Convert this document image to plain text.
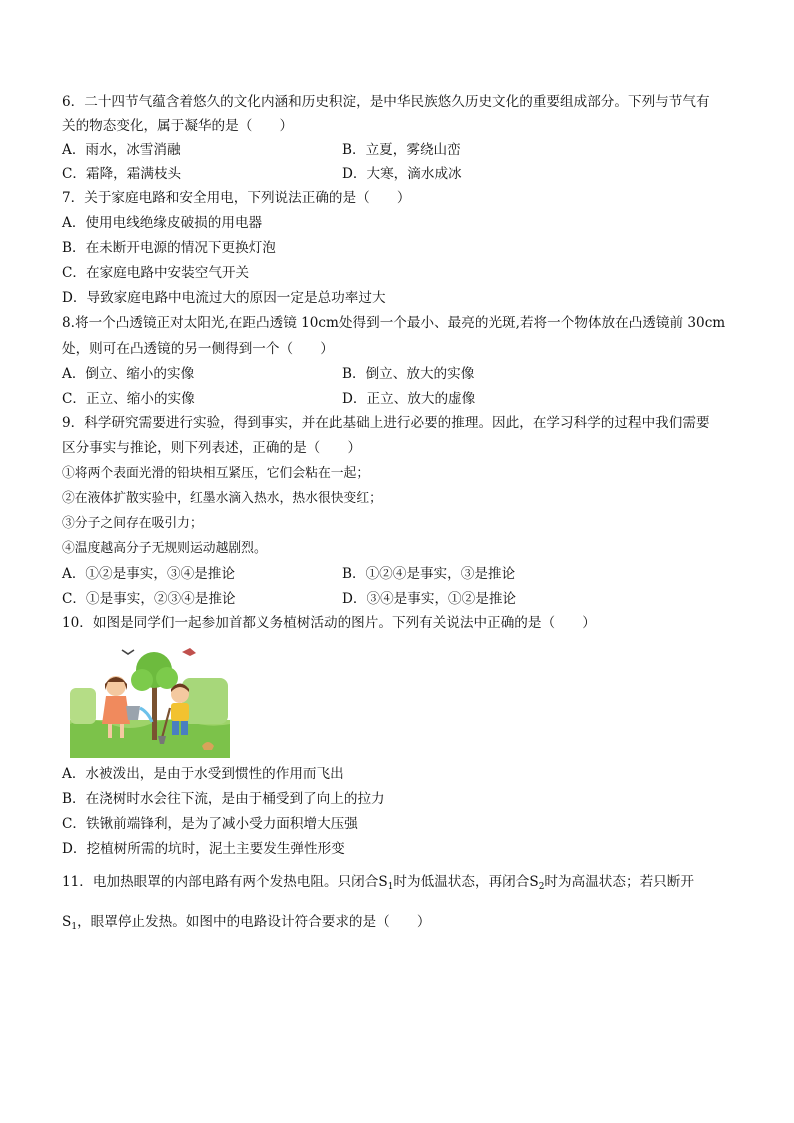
6．二十四节气蕴含着悠久的文化内涵和历史积淀，是中华民族悠久历史文化的重要组成部分。下列与节气有
关的物态变化，属于凝华的是（　　）
A．雨水，冰雪消融	B．立夏，雾绕山峦
C．霜降，霜满枝头	D．大寒，滴水成冰
7．关于家庭电路和安全用电，下列说法正确的是（　　）
A．使用电线绝缘皮破损的用电器
B．在未断开电源的情况下更换灯泡
C．在家庭电路中安装空气开关
D．导致家庭电路中电流过大的原因一定是总功率过大
8.将一个凸透镜正对太阳光,在距凸透镜 10cm处得到一个最小、最亮的光斑,若将一个物体放在凸透镜前 30cm
处，则可在凸透镜的另一侧得到一个（　　）
A．倒立、缩小的实像	B．倒立、放大的实像
C．正立、缩小的实像	D．正立、放大的虚像
9．科学研究需要进行实验，得到事实，并在此基础上进行必要的推理。因此，在学习科学的过程中我们需要
区分事实与推论，则下列表述，正确的是（　　）
①将两个表面光滑的铅块相互紧压，它们会粘在一起；
②在液体扩散实验中，红墨水滴入热水，热水很快变红；
③分子之间存在吸引力；
④温度越高分子无规则运动越剧烈。
A．①②是事实，③④是推论	B．①②④是事实，③是推论
C．①是事实，②③④是推论	D．③④是事实，①②是推论
10．如图是同学们一起参加首都义务植树活动的图片。下列有关说法中正确的是（　　）
A．水被泼出，是由于水受到惯性的作用而飞出
B．在浇树时水会往下流，是由于桶受到了向上的拉力
C．铁锹前端锋利，是为了减小受力面积增大压强
D．挖植树所需的坑时，泥土主要发生弹性形变
11．电加热眼罩的内部电路有两个发热电阻。只闭合$S_1$时为低温状态，再闭合$S_2$时为高温状态；若只断开
$S_1$，眼罩停止发热。如图中的电路设计符合要求的是（　　）
